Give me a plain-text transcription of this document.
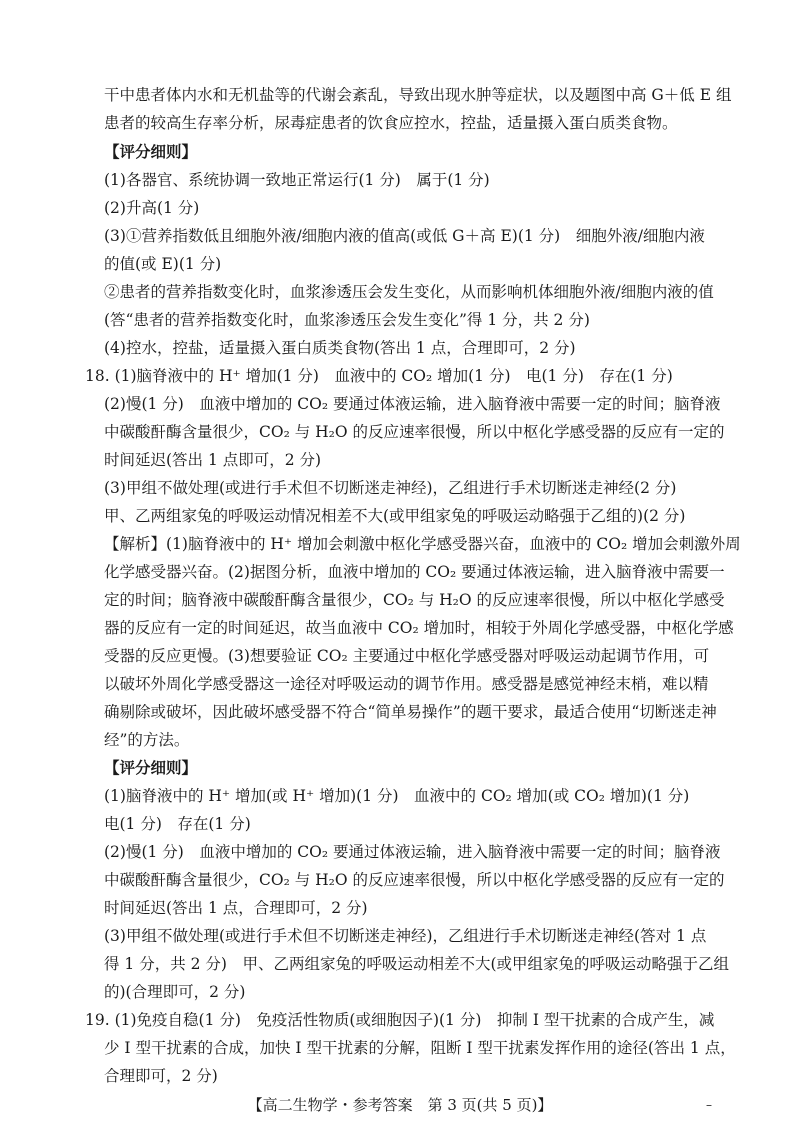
干中患者体内水和无机盐等的代谢会紊乱，导致出现水肿等症状，以及题图中高 G＋低 E 组
患者的较高生存率分析，尿毒症患者的饮食应控水，控盐，适量摄入蛋白质类食物。
【评分细则】
(1)各器官、系统协调一致地正常运行(1 分)　属于(1 分)
(2)升高(1 分)
(3)①营养指数低且细胞外液/细胞内液的值高(或低 G＋高 E)(1 分)　细胞外液/细胞内液
的值(或 E)(1 分)
②患者的营养指数变化时，血浆渗透压会发生变化，从而影响机体细胞外液/细胞内液的值
(答“患者的营养指数变化时，血浆渗透压会发生变化”得 1 分，共 2 分)
(4)控水，控盐，适量摄入蛋白质类食物(答出 1 点，合理即可，2 分)
18. (1)脑脊液中的 H⁺ 增加(1 分)　血液中的 CO₂ 增加(1 分)　电(1 分)　存在(1 分)
(2)慢(1 分)　血液中增加的 CO₂ 要通过体液运输，进入脑脊液中需要一定的时间；脑脊液
中碳酸酐酶含量很少，CO₂ 与 H₂O 的反应速率很慢，所以中枢化学感受器的反应有一定的
时间延迟(答出 1 点即可，2 分)
(3)甲组不做处理(或进行手术但不切断迷走神经)，乙组进行手术切断迷走神经(2 分)
甲、乙两组家兔的呼吸运动情况相差不大(或甲组家兔的呼吸运动略强于乙组的)(2 分)
【解析】(1)脑脊液中的 H⁺ 增加会刺激中枢化学感受器兴奋，血液中的 CO₂ 增加会刺激外周
化学感受器兴奋。(2)据图分析，血液中增加的 CO₂ 要通过体液运输，进入脑脊液中需要一
定的时间；脑脊液中碳酸酐酶含量很少，CO₂ 与 H₂O 的反应速率很慢，所以中枢化学感受
器的反应有一定的时间延迟，故当血液中 CO₂ 增加时，相较于外周化学感受器，中枢化学感
受器的反应更慢。(3)想要验证 CO₂ 主要通过中枢化学感受器对呼吸运动起调节作用，可
以破坏外周化学感受器这一途径对呼吸运动的调节作用。感受器是感觉神经末梢，难以精
确剔除或破坏，因此破坏感受器不符合“简单易操作”的题干要求，最适合使用“切断迷走神
经”的方法。
【评分细则】
(1)脑脊液中的 H⁺ 增加(或 H⁺ 增加)(1 分)　血液中的 CO₂ 增加(或 CO₂ 增加)(1 分)
电(1 分)　存在(1 分)
(2)慢(1 分)　血液中增加的 CO₂ 要通过体液运输，进入脑脊液中需要一定的时间；脑脊液
中碳酸酐酶含量很少，CO₂ 与 H₂O 的反应速率很慢，所以中枢化学感受器的反应有一定的
时间延迟(答出 1 点，合理即可，2 分)
(3)甲组不做处理(或进行手术但不切断迷走神经)，乙组进行手术切断迷走神经(答对 1 点
得 1 分，共 2 分)　甲、乙两组家兔的呼吸运动相差不大(或甲组家兔的呼吸运动略强于乙组
的)(合理即可，2 分)
19. (1)免疫自稳(1 分)　免疫活性物质(或细胞因子)(1 分)　抑制 Ⅰ 型干扰素的合成产生，减
少 Ⅰ 型干扰素的合成，加快 Ⅰ 型干扰素的分解，阻断 Ⅰ 型干扰素发挥作用的途径(答出 1 点，
合理即可，2 分)
【高二生物学・参考答案　第 3 页(共 5 页)】	–
